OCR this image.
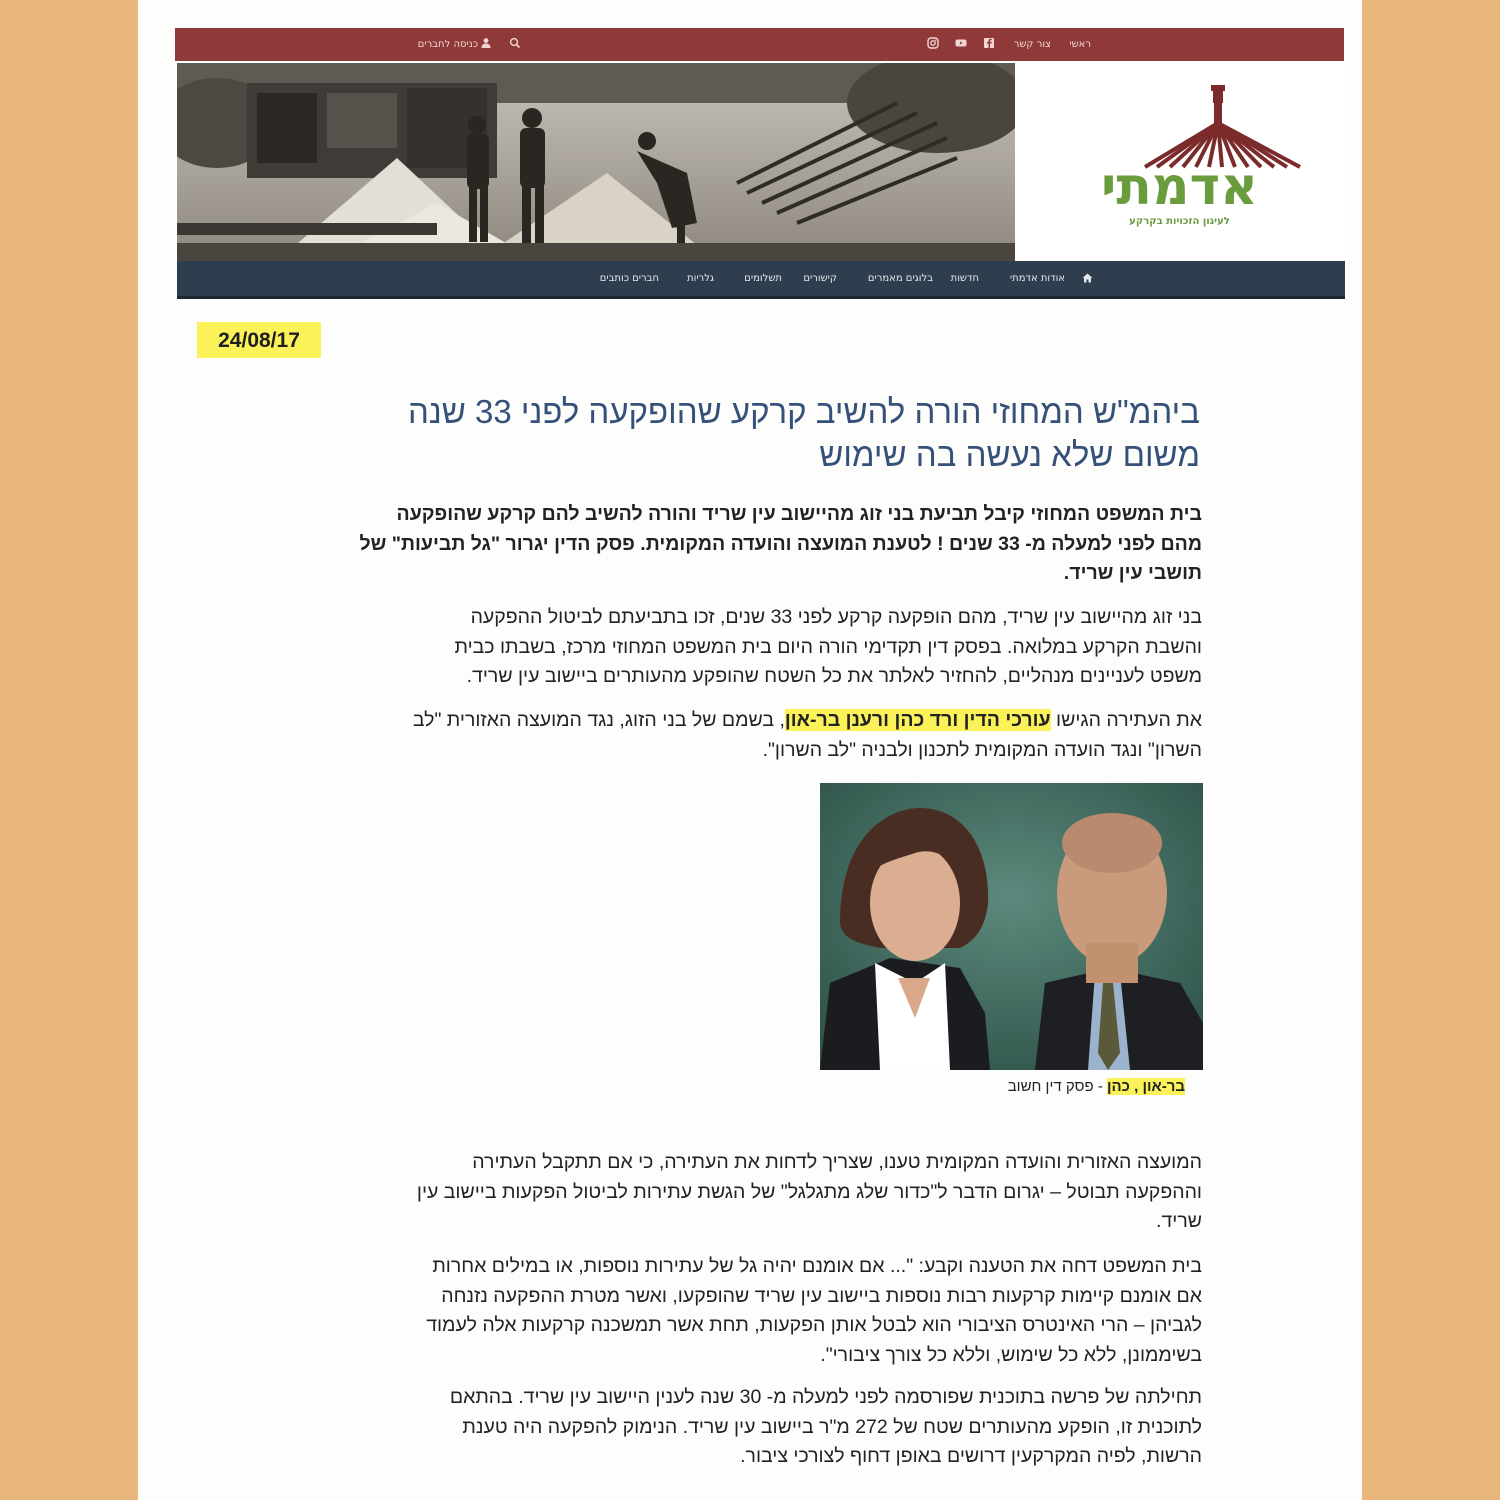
ראשי
צור קשר
כניסה לחברים
אדמתי
לעיגון הזכויות בקרקע
אודות אדמתי
חדשות
בלוגים מאמרים
קישורים
תשלומים
גלריות
חברים כותבים
24/08/17
ביהמ"ש המחוזי הורה להשיב קרקע שהופקעה לפני 33 שנה
משום שלא נעשה בה שימוש
בית המשפט המחוזי קיבל תביעת בני זוג מהיישוב עין שריד והורה להשיב להם קרקע שהופקעה
מהם לפני למעלה מ- 33 שנים ! לטענת המועצה והועדה המקומית. פסק הדין יגרור "גל תביעות" של
תושבי עין שריד.
בני זוג מהיישוב עין שריד, מהם הופקעה קרקע לפני 33 שנים, זכו בתביעתם לביטול ההפקעה
והשבת הקרקע במלואה. בפסק דין תקדימי הורה היום בית המשפט המחוזי מרכז, בשבתו כבית
משפט לעניינים מנהליים, להחזיר לאלתר את כל השטח שהופקע מהעותרים ביישוב עין שריד.
את העתירה הגישו עורכי הדין ורד כהן ורענן בר-און, בשמם של בני הזוג, נגד המועצה האזורית "לב
השרון" ונגד הועדה המקומית לתכנון ולבניה "לב השרון".
בר-און , כהן - פסק דין חשוב
המועצה האזורית והועדה המקומית טענו, שצריך לדחות את העתירה, כי אם תתקבל העתירה
וההפקעה תבוטל – יגרום הדבר ל"כדור שלג מתגלגל" של הגשת עתירות לביטול הפקעות ביישוב עין
שריד.
בית המשפט דחה את הטענה וקבע: "... אם אומנם יהיה גל של עתירות נוספות, או במילים אחרות
אם אומנם קיימות קרקעות רבות נוספות ביישוב עין שריד שהופקעו, ואשר מטרת ההפקעה נזנחה
לגביהן – הרי האינטרס הציבורי הוא לבטל אותן הפקעות, תחת אשר תמשכנה קרקעות אלה לעמוד
בשיממונן, ללא כל שימוש, וללא כל צורך ציבורי".
תחילתה של פרשה בתוכנית שפורסמה לפני למעלה מ- 30 שנה לענין היישוב עין שריד. בהתאם
לתוכנית זו, הופקע מהעותרים שטח של 272 מ"ר ביישוב עין שריד. הנימוק להפקעה היה טענת
הרשות, לפיה המקרקעין דרושים באופן דחוף לצורכי ציבור.
